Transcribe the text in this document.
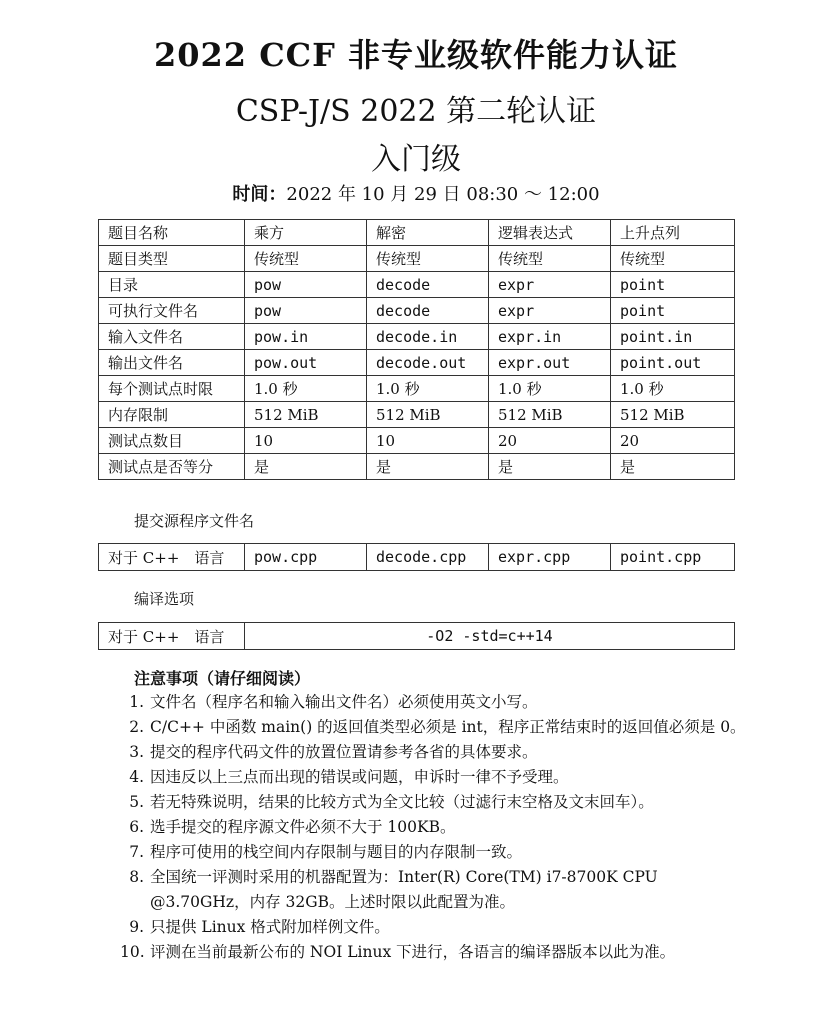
2022 CCF 非专业级软件能力认证
CSP-J/S 2022 第二轮认证
入门级
时间：2022 年 10 月 29 日 08:30 ～ 12:00
题目名称	乘方	解密	逻辑表达式	上升点列
题目类型	传统型	传统型	传统型	传统型
目录	pow	decode	expr	point
可执行文件名	pow	decode	expr	point
输入文件名	pow.in	decode.in	expr.in	point.in
输出文件名	pow.out	decode.out	expr.out	point.out
每个测试点时限	1.0 秒	1.0 秒	1.0 秒	1.0 秒
内存限制	512 MiB	512 MiB	512 MiB	512 MiB
测试点数目	10	10	20	20
测试点是否等分	是	是	是	是
提交源程序文件名
对于 C++　语言	pow.cpp	decode.cpp	expr.cpp	point.cpp
编译选项
对于 C++　语言	-O2 -std=c++14
注意事项（请仔细阅读）
1. 文件名（程序名和输入输出文件名）必须使用英文小写。
2. C/C++ 中函数 main() 的返回值类型必须是 int，程序正常结束时的返回值必须是 0。
3. 提交的程序代码文件的放置位置请参考各省的具体要求。
4. 因违反以上三点而出现的错误或问题，申诉时一律不予受理。
5. 若无特殊说明，结果的比较方式为全文比较（过滤行末空格及文末回车）。
6. 选手提交的程序源文件必须不大于 100KB。
7. 程序可使用的栈空间内存限制与题目的内存限制一致。
8. 全国统一评测时采用的机器配置为：Inter(R) Core(TM) i7-8700K CPU @3.70GHz，内存 32GB。上述时限以此配置为准。
9. 只提供 Linux 格式附加样例文件。
10. 评测在当前最新公布的 NOI Linux 下进行，各语言的编译器版本以此为准。
